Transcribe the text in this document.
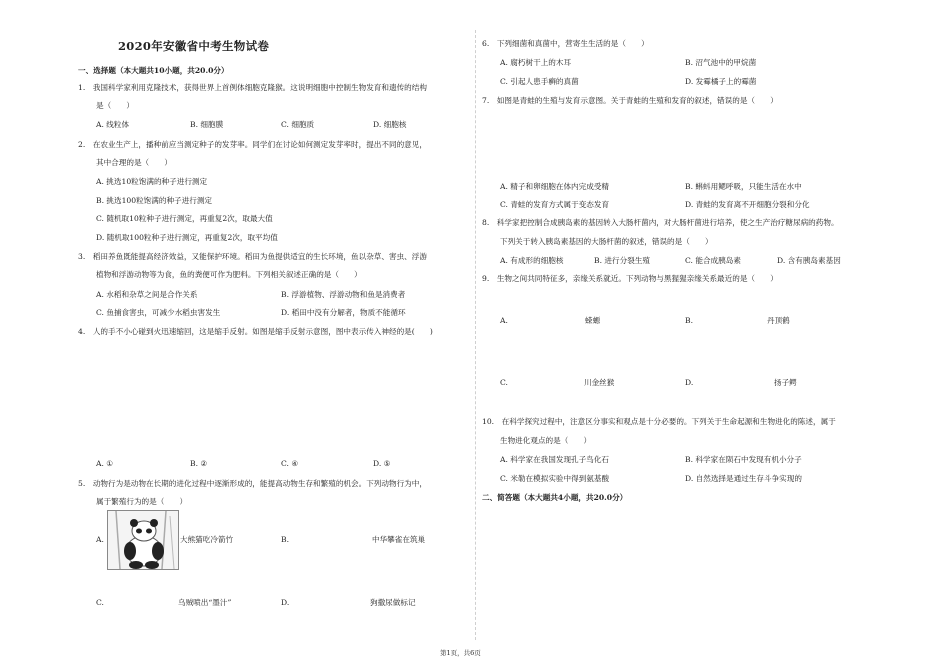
2020年安徽省中考生物试卷
一、选择题（本大题共10小题，共20.0分）
1.　我国科学家利用克隆技术，获得世界上首例体细胞克隆猴。这说明细胞中控制生物发育和遗传的结构
是（　　）
A. 线粒体	B. 细胞膜	C. 细胞质	D. 细胞核
2.　在农业生产上，播种前应当测定种子的发芽率。同学们在讨论如何测定发芽率时，提出不同的意见，
其中合理的是（　　）
A. 挑选10粒饱满的种子进行测定
B. 挑选100粒饱满的种子进行测定
C. 随机取10粒种子进行测定，再重复2次，取最大值
D. 随机取100粒种子进行测定，再重复2次，取平均值
3.　稻田养鱼既能提高经济效益，又能保护环境。稻田为鱼提供适宜的生长环境，鱼以杂草、害虫、浮游
植物和浮游动物等为食，鱼的粪便可作为肥料。下列相关叙述正确的是（　　）
A. 水稻和杂草之间是合作关系	B. 浮游植物、浮游动物和鱼是消费者
C. 鱼捕食害虫，可减少水稻虫害发生	D. 稻田中没有分解者，物质不能循环
4.　人的手不小心碰到火迅速缩回，这是缩手反射。如图是缩手反射示意图，图中表示传入神经的是(　　)
A. ①	B. ②	C. ④	D. ⑤
5.　动物行为是动物在长期的进化过程中逐渐形成的，能提高动物生存和繁殖的机会。下列动物行为中，
属于繁殖行为的是（　　）
A.	大熊猫吃冷箭竹	B.	中华攀雀在筑巢
C.	乌贼喷出“墨汁”	D.	狗撒尿做标记
6.　下列细菌和真菌中，营寄生生活的是（　　）
A. 腐朽树干上的木耳	B. 沼气池中的甲烷菌
C. 引起人患手癣的真菌	D. 发霉橘子上的霉菌
7.　如图是青蛙的生殖与发育示意图。关于青蛙的生殖和发育的叙述，错误的是（　　）
A. 精子和卵细胞在体内完成受精	B. 蝌蚪用鳃呼吸，只能生活在水中
C. 青蛙的发育方式属于变态发育	D. 青蛙的发育离不开细胞分裂和分化
8.　科学家把控制合成胰岛素的基因转入大肠杆菌内，对大肠杆菌进行培养，使之生产治疗糖尿病的药物。
下列关于转入胰岛素基因的大肠杆菌的叙述，错误的是（　　）
A. 有成形的细胞核	B. 进行分裂生殖	C. 能合成胰岛素	D. 含有胰岛素基因
9.　生物之间共同特征多，亲缘关系就近。下列动物与黑猩猩亲缘关系最近的是（　　）
A.	蝾螈	B.	丹顶鹤
C.	川金丝猴	D.	扬子鳄
10.　在科学探究过程中，注意区分事实和观点是十分必要的。下列关于生命起源和生物进化的陈述，属于
生物进化观点的是（　　）
A. 科学家在我国发现孔子鸟化石	B. 科学家在陨石中发现有机小分子
C. 米勒在模拟实验中得到氨基酸	D. 自然选择是通过生存斗争实现的
二、简答题（本大题共4小题，共20.0分）
第1页，共6页
